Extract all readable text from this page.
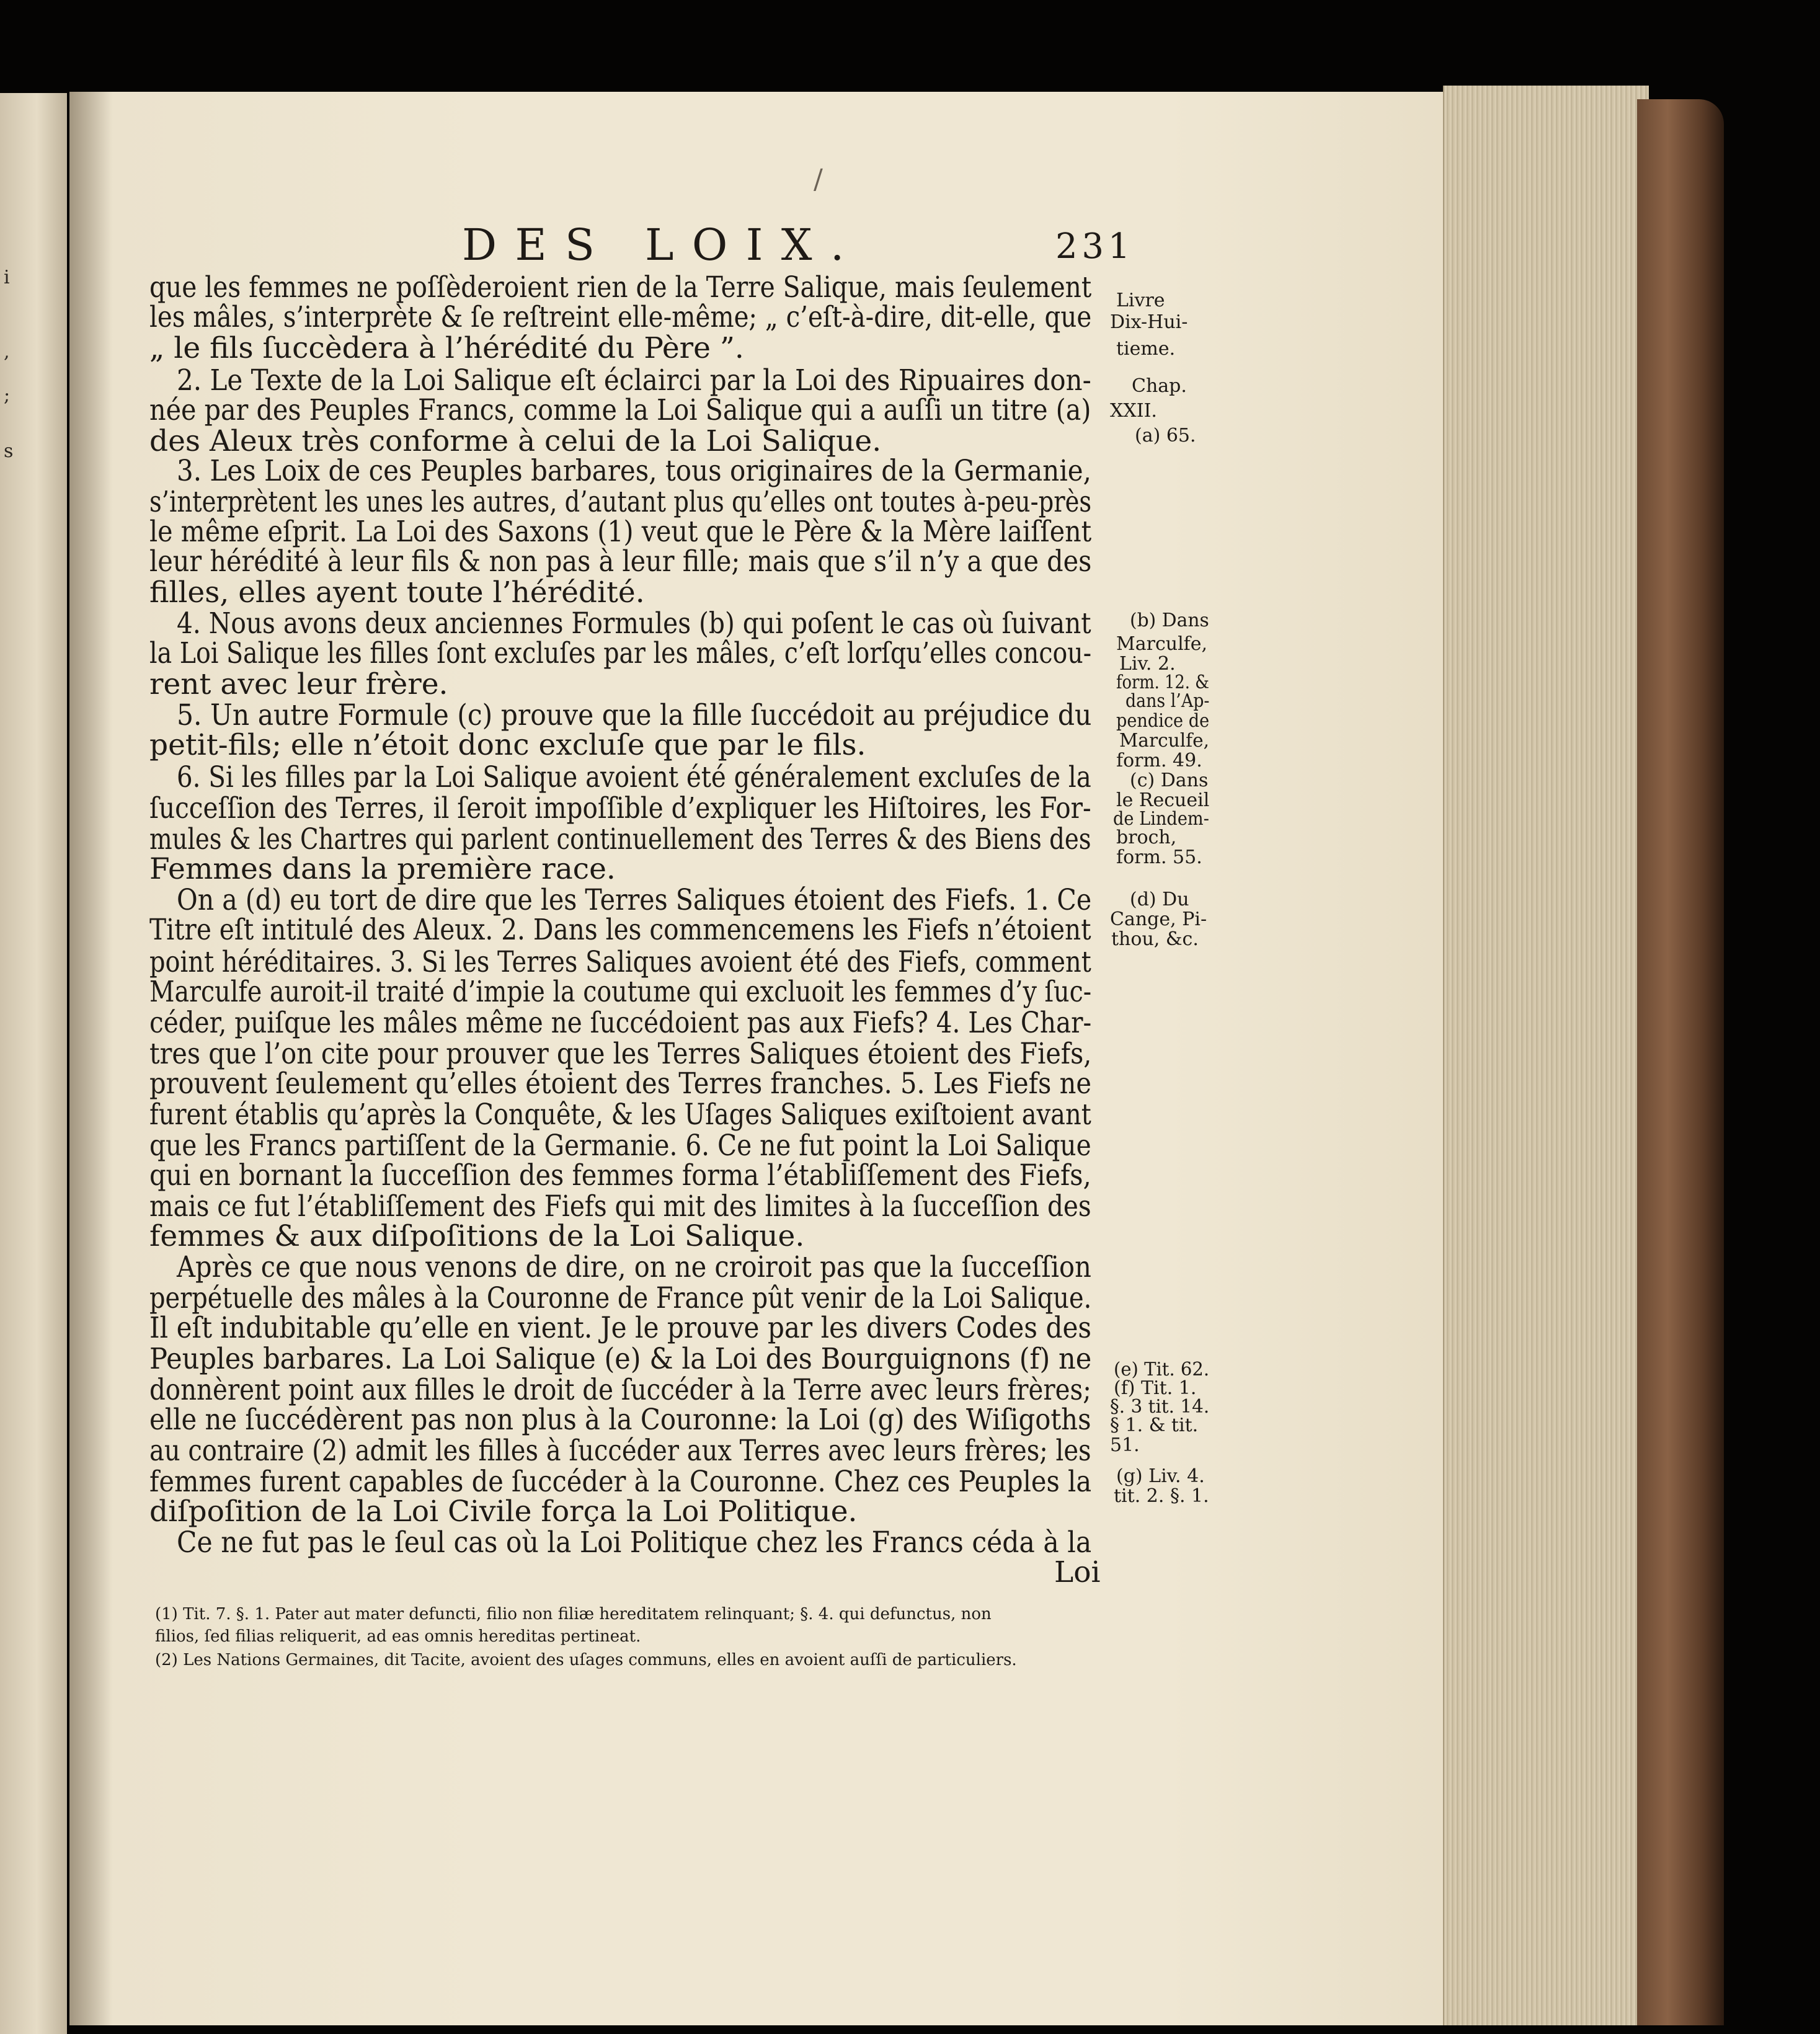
i
,
;
s
/
DES LOIX.	231
que les femmes ne poſſèderoient rien de la Terre Salique, mais ſeulement
les mâles, s’interprète & ſe reſtreint elle-même; „ c’eſt-à-dire, dit-elle, que
„ le fils ſuccèdera à l’hérédité du Père ”.
2. Le Texte de la Loi Salique eſt éclairci par la Loi des Ripuaires don-
née par des Peuples Francs, comme la Loi Salique qui a auſſi un titre (a)
des Aleux très conforme à celui de la Loi Salique.
3. Les Loix de ces Peuples barbares, tous originaires de la Germanie,
s’interprètent les unes les autres, d’autant plus qu’elles ont toutes à-peu-près
le même eſprit. La Loi des Saxons (1) veut que le Père & la Mère laiſſent
leur hérédité à leur fils & non pas à leur fille; mais que s’il n’y a que des
filles, elles ayent toute l’hérédité.
4. Nous avons deux anciennes Formules (b) qui poſent le cas où ſuivant
la Loi Salique les filles ſont excluſes par les mâles, c’eſt lorſqu’elles concou-
rent avec leur frère.
5. Un autre Formule (c) prouve que la fille ſuccédoit au préjudice du
petit-fils; elle n’étoit donc excluſe que par le fils.
6. Si les filles par la Loi Salique avoient été généralement excluſes de la
ſucceſſion des Terres, il ſeroit impoſſible d’expliquer les Hiſtoires, les For-
mules & les Chartres qui parlent continuellement des Terres & des Biens des
Femmes dans la première race.
On a (d) eu tort de dire que les Terres Saliques étoient des Fiefs. 1. Ce
Titre eſt intitulé des Aleux. 2. Dans les commencemens les Fiefs n’étoient
point héréditaires. 3. Si les Terres Saliques avoient été des Fiefs, comment
Marculfe auroit-il traité d’impie la coutume qui excluoit les femmes d’y ſuc-
céder, puiſque les mâles même ne ſuccédoient pas aux Fiefs? 4. Les Char-
tres que l’on cite pour prouver que les Terres Saliques étoient des Fiefs,
prouvent ſeulement qu’elles étoient des Terres franches. 5. Les Fiefs ne
furent établis qu’après la Conquête, & les Uſages Saliques exiſtoient avant
que les Francs partiſſent de la Germanie. 6. Ce ne fut point la Loi Salique
qui en bornant la ſucceſſion des femmes forma l’établiſſement des Fiefs,
mais ce fut l’établiſſement des Fiefs qui mit des limites à la ſucceſſion des
femmes & aux diſpoſitions de la Loi Salique.
Après ce que nous venons de dire, on ne croiroit pas que la ſucceſſion
perpétuelle des mâles à la Couronne de France pût venir de la Loi Salique.
Il eſt indubitable qu’elle en vient. Je le prouve par les divers Codes des
Peuples barbares. La Loi Salique (e) & la Loi des Bourguignons (f) ne
donnèrent point aux filles le droit de ſuccéder à la Terre avec leurs frères;
elle ne ſuccédèrent pas non plus à la Couronne: la Loi (g) des Wiſigoths
au contraire (2) admit les filles à ſuccéder aux Terres avec leurs frères; les
femmes furent capables de ſuccéder à la Couronne. Chez ces Peuples la
diſpoſition de la Loi Civile força la Loi Politique.
Ce ne fut pas le ſeul cas où la Loi Politique chez les Francs céda à la
Loi
Livre
Dix-Hui-
tieme.
Chap.
XXII.
(a) 65.
(b) Dans
Marculfe,
Liv. 2.
form. 12. &
dans l’Ap-
pendice de
Marculfe,
form. 49.
(c) Dans
le Recueil
de Lindem-
broch,
form. 55.
(d) Du
Cange, Pi-
thou, &c.
(e) Tit. 62.
(f) Tit. 1.
§. 3 tit. 14.
§ 1. & tit.
51.
(g) Liv. 4.
tit. 2. §. 1.
(1) Tit. 7. §. 1. Pater aut mater defuncti, filio non filiæ hereditatem relinquant; §. 4. qui defunctus, non
filios, ſed filias reliquerit, ad eas omnis hereditas pertineat.
(2) Les Nations Germaines, dit Tacite, avoient des uſages communs, elles en avoient auſſi de particuliers.
